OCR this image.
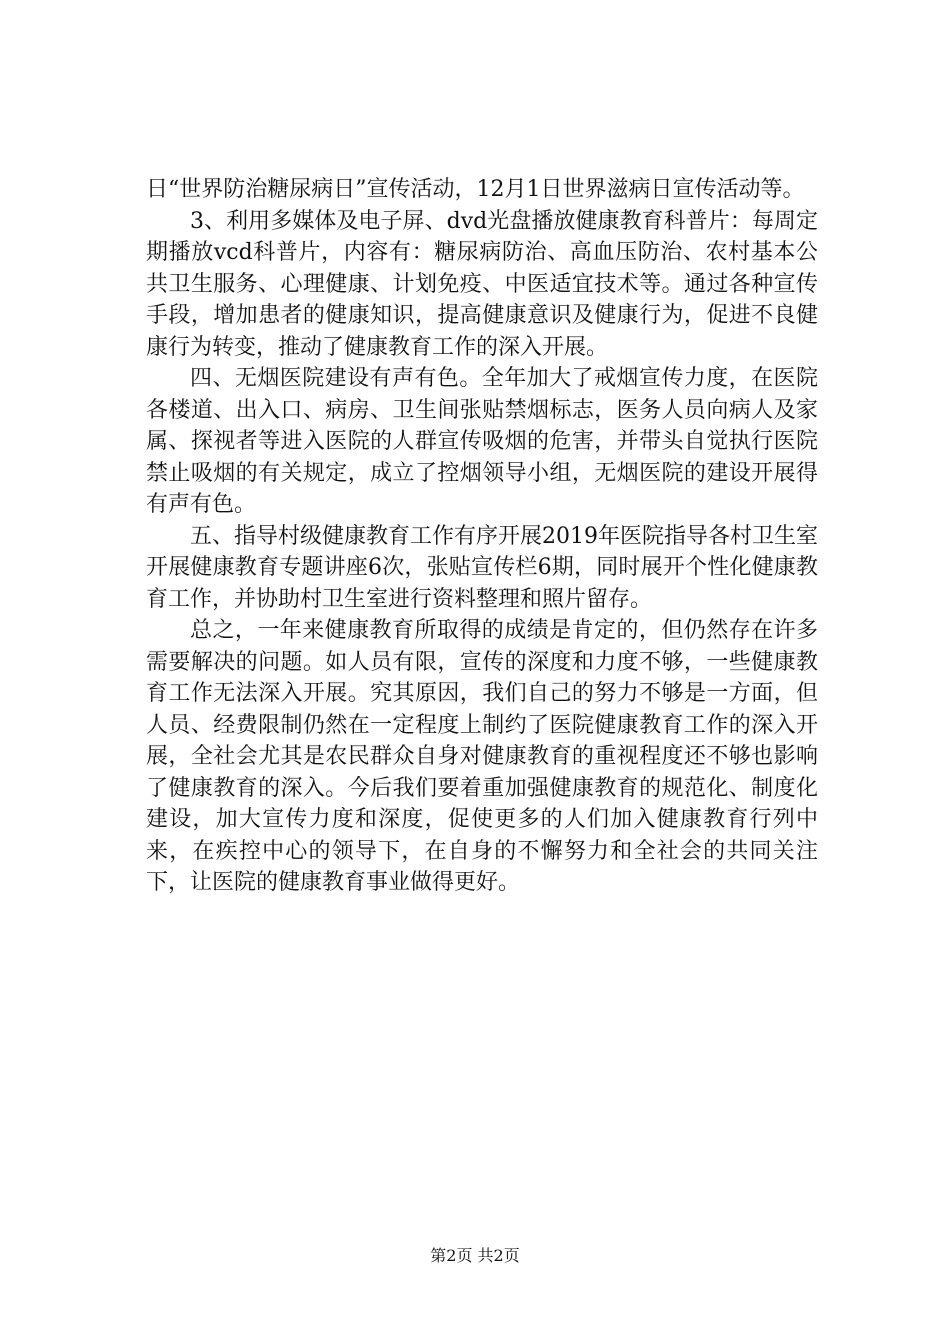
日“世界防治糖尿病日”宣传活动，12月1日世界滋病日宣传活动等。

3、利用多媒体及电子屏、dvd光盘播放健康教育科普片：每周定期播放vcd科普片，内容有：糖尿病防治、高血压防治、农村基本公共卫生服务、心理健康、计划免疫、中医适宜技术等。通过各种宣传手段，增加患者的健康知识，提高健康意识及健康行为，促进不良健康行为转变，推动了健康教育工作的深入开展。

四、无烟医院建设有声有色。全年加大了戒烟宣传力度，在医院各楼道、出入口、病房、卫生间张贴禁烟标志，医务人员向病人及家属、探视者等进入医院的人群宣传吸烟的危害，并带头自觉执行医院禁止吸烟的有关规定，成立了控烟领导小组，无烟医院的建设开展得有声有色。

五、指导村级健康教育工作有序开展2019年医院指导各村卫生室开展健康教育专题讲座6次，张贴宣传栏6期，同时展开个性化健康教育工作，并协助村卫生室进行资料整理和照片留存。

总之，一年来健康教育所取得的成绩是肯定的，但仍然存在许多需要解决的问题。如人员有限，宣传的深度和力度不够，一些健康教育工作无法深入开展。究其原因，我们自己的努力不够是一方面，但人员、经费限制仍然在一定程度上制约了医院健康教育工作的深入开展，全社会尤其是农民群众自身对健康教育的重视程度还不够也影响了健康教育的深入。今后我们要着重加强健康教育的规范化、制度化建设，加大宣传力度和深度，促使更多的人们加入健康教育行列中来，在疾控中心的领导下，在自身的不懈努力和全社会的共同关注下，让医院的健康教育事业做得更好。

第2页 共2页
